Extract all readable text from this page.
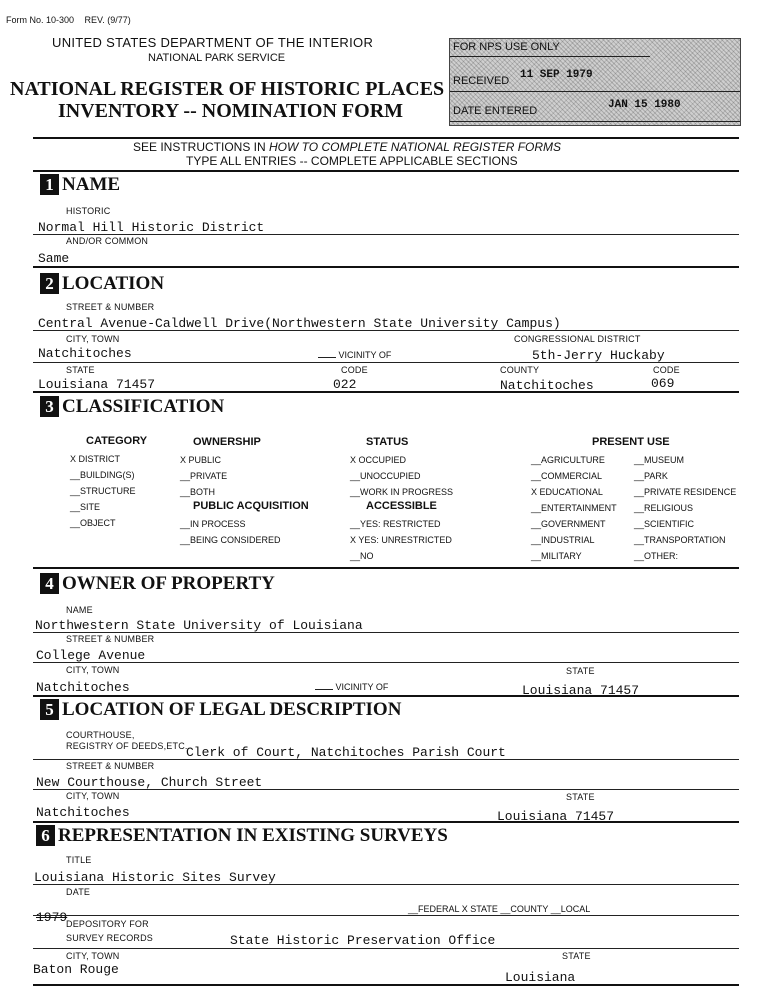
Form No. 10-300 REV. (9/77)
UNITED STATES DEPARTMENT OF THE INTERIOR
NATIONAL PARK SERVICE
NATIONAL REGISTER OF HISTORIC PLACES
INVENTORY -- NOMINATION FORM
FOR NPS USE ONLY
RECEIVED 11 SEP 1979
DATE ENTERED	JAN 15 1980
SEE INSTRUCTIONS IN HOW TO COMPLETE NATIONAL REGISTER FORMS
TYPE ALL ENTRIES -- COMPLETE APPLICABLE SECTIONS
1 NAME
HISTORIC
Normal Hill Historic District
AND/OR COMMON
Same
2 LOCATION
STREET & NUMBER
Central Avenue-Caldwell Drive(Northwestern State University Campus)
CITY, TOWN	CONGRESSIONAL DISTRICT
Natchitoches	VICINITY OF	5th-Jerry Huckaby
STATE	CODE	COUNTY	CODE
Louisiana 71457	022	Natchitoches	069
3 CLASSIFICATION
CATEGORY	OWNERSHIP	STATUS	PRESENT USE
X DISTRICT
__BUILDING(S)
__STRUCTURE
__SITE
__OBJECT
X PUBLIC
__PRIVATE
__BOTH
PUBLIC ACQUISITION
__IN PROCESS
__BEING CONSIDERED
X OCCUPIED
__UNOCCUPIED
__WORK IN PROGRESS
ACCESSIBLE
__YES: RESTRICTED
X YES: UNRESTRICTED
__NO
__AGRICULTURE
__COMMERCIAL
X EDUCATIONAL
__ENTERTAINMENT
__GOVERNMENT
__INDUSTRIAL
__MILITARY
__MUSEUM
__PARK
__PRIVATE RESIDENCE
__RELIGIOUS
__SCIENTIFIC
__TRANSPORTATION
__OTHER:
4 OWNER OF PROPERTY
NAME
Northwestern State University of Louisiana
STREET & NUMBER
College Avenue
CITY, TOWN	STATE
Natchitoches	VICINITY OF	Louisiana 71457
5 LOCATION OF LEGAL DESCRIPTION
COURTHOUSE,
REGISTRY OF DEEDS,ETC.
Clerk of Court, Natchitoches Parish Court
STREET & NUMBER
New Courthouse, Church Street
CITY, TOWN	STATE
Natchitoches	Louisiana 71457
6 REPRESENTATION IN EXISTING SURVEYS
TITLE
Louisiana Historic Sites Survey
DATE
1979
__FEDERAL X STATE __COUNTY __LOCAL
DEPOSITORY FOR
SURVEY RECORDS	State Historic Preservation Office
CITY, TOWN	STATE
Baton Rouge
Louisiana
